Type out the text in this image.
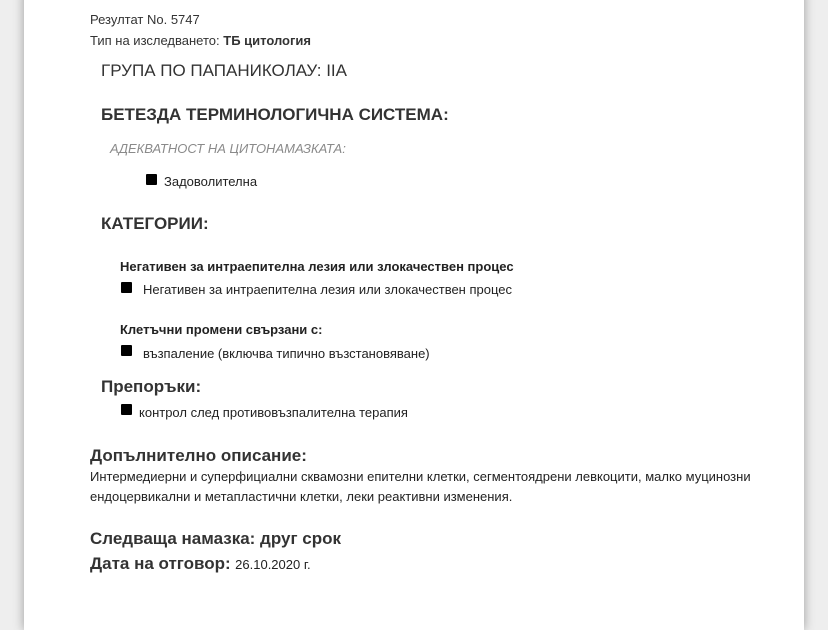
Резултат No. 5747
Тип на изследването: ТБ цитология
ГРУПА ПО ПАПАНИКОЛАУ: IIA
БЕТЕЗДА ТЕРМИНОЛОГИЧНА СИСТЕМА:
АДЕКВАТНОСТ НА ЦИТОНАМАЗКАТА:
Задоволителна
КАТЕГОРИИ:
Негативен за интраепителна лезия или злокачествен процес
Негативен за интраепителна лезия или злокачествен процес
Клетъчни промени свързани с:
възпаление (включва типично възстановяване)
Препоръки:
контрол след противовъзпалителна терапия
Допълнително описание:
Интермедиерни и суперфициални сквамозни епителни клетки, сегментоядрени левкоцити, малко муцинозни ендоцервикални и метапластични клетки, леки реактивни изменения.
Следваща намазка: друг срок
Дата на отговор: 26.10.2020 г.
